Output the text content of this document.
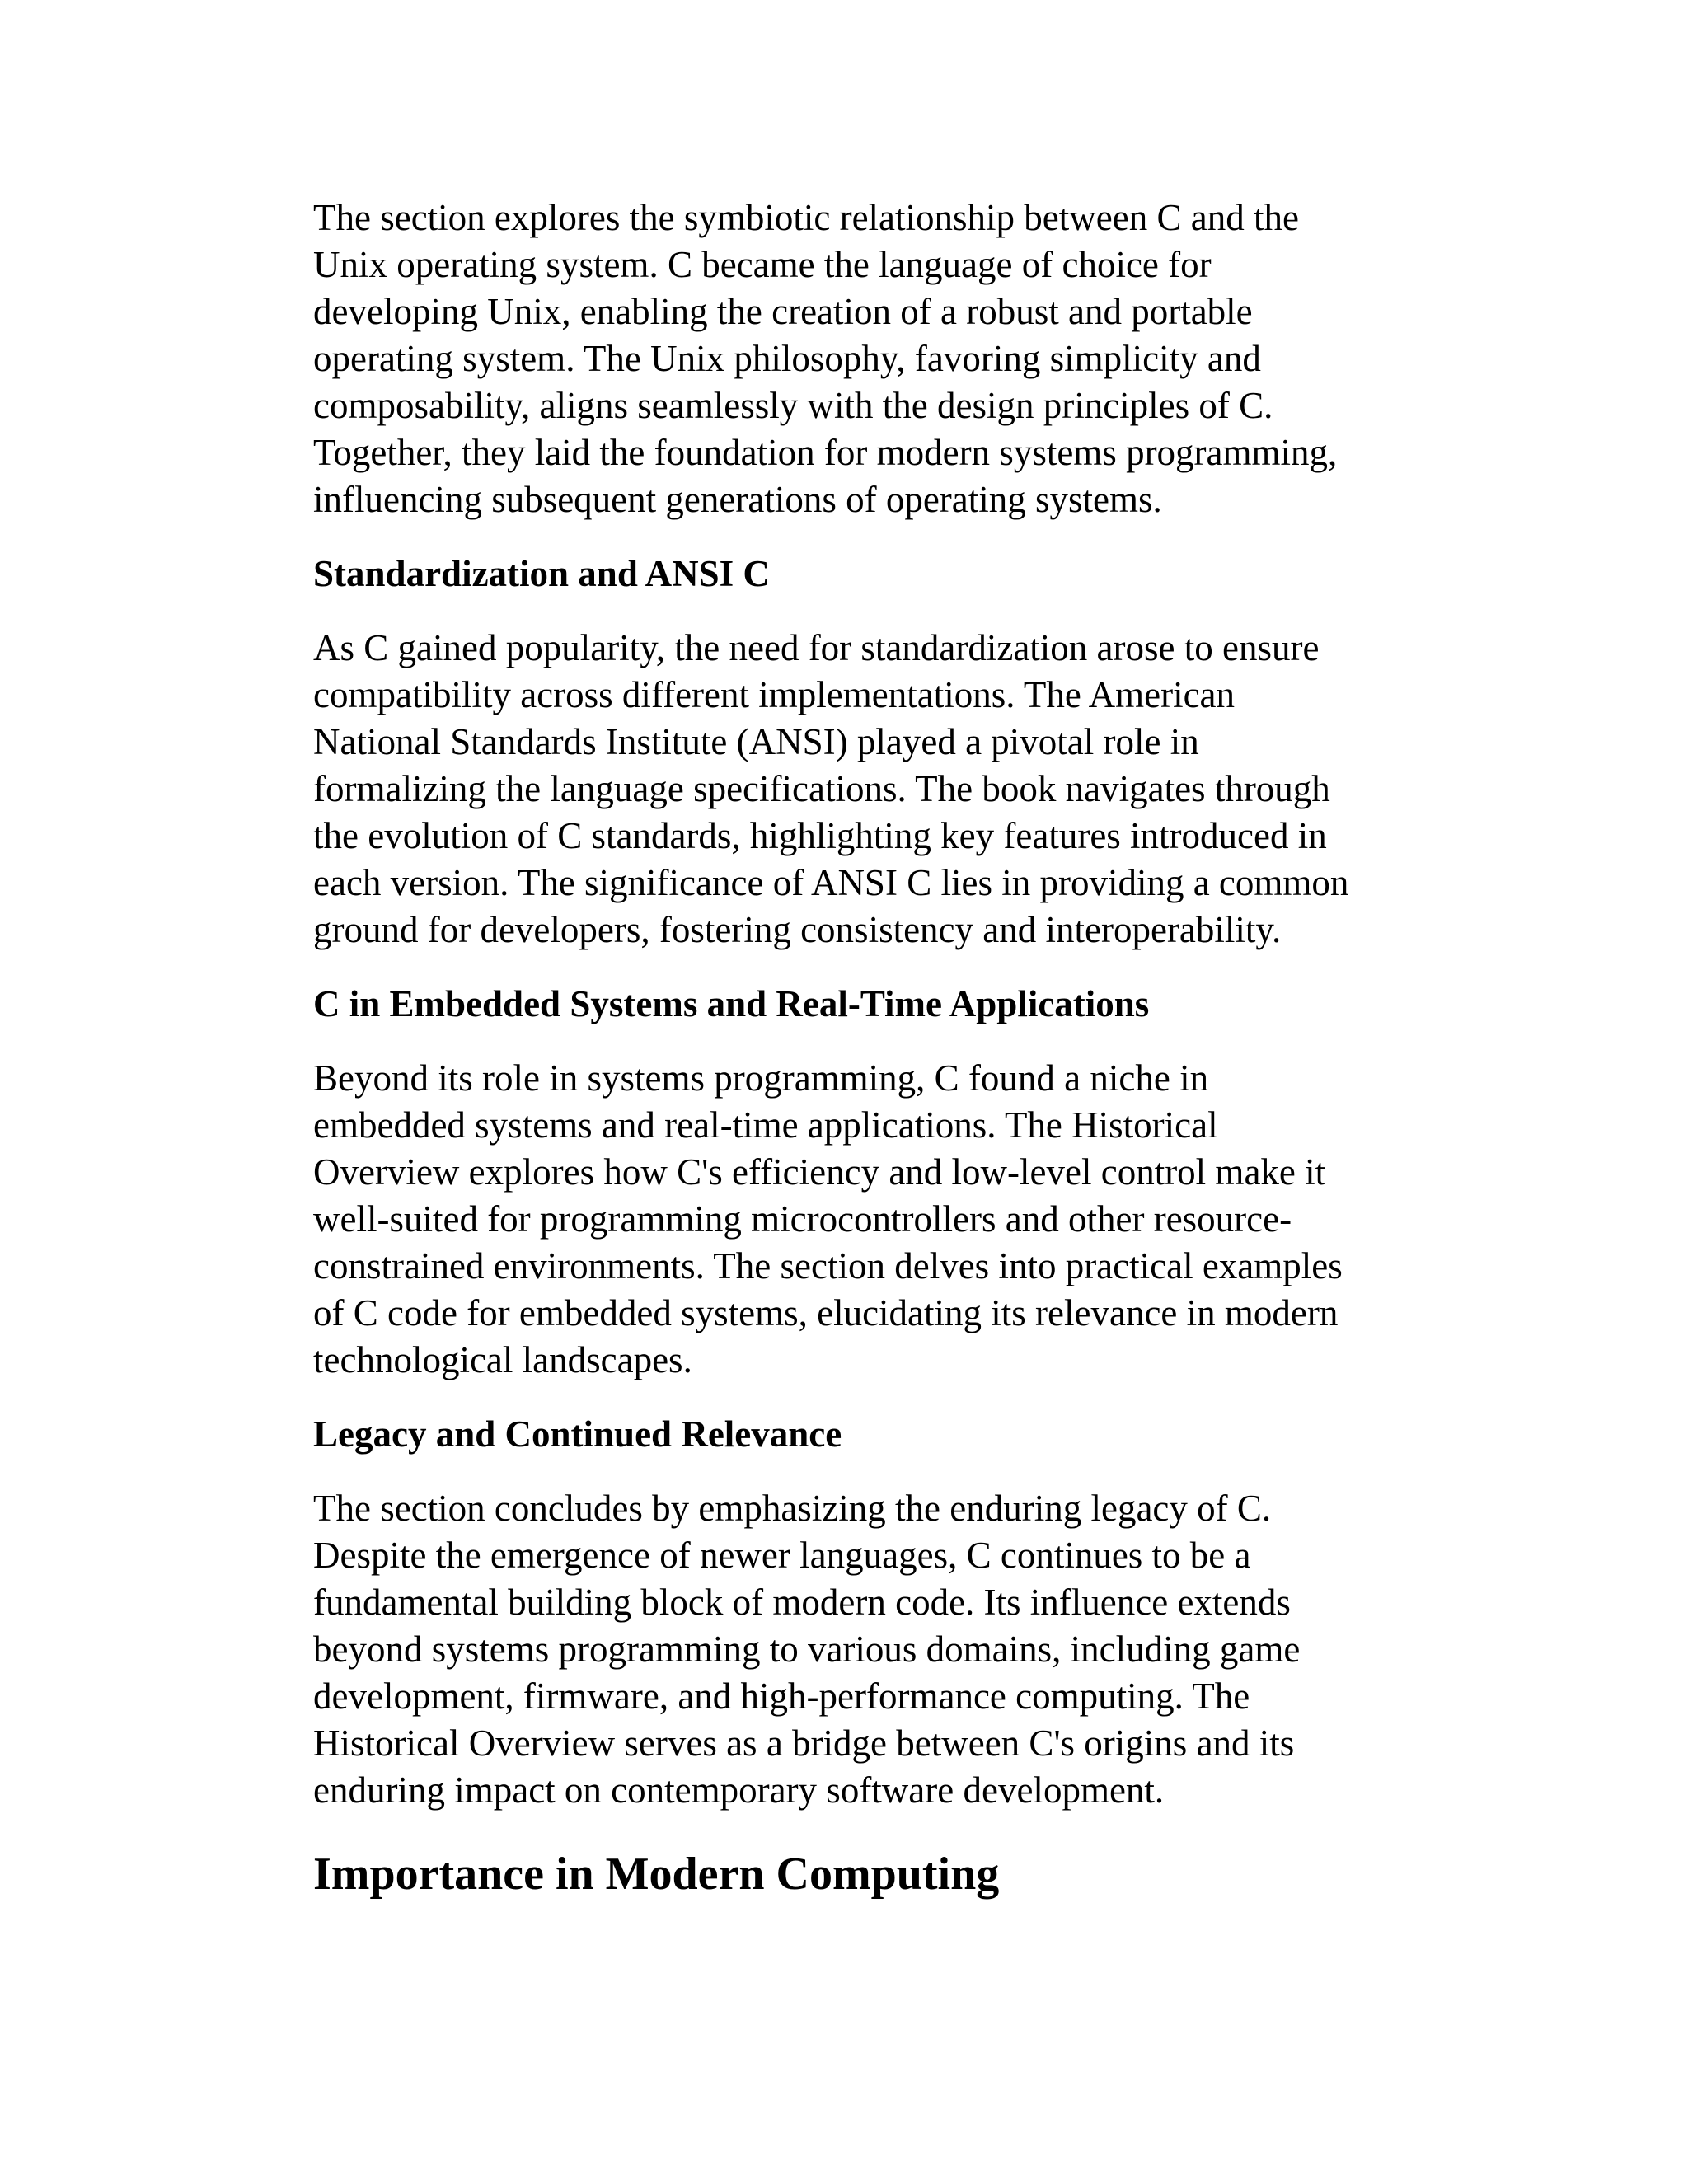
The section explores the symbiotic relationship between C and the
Unix operating system. C became the language of choice for
developing Unix, enabling the creation of a robust and portable
operating system. The Unix philosophy, favoring simplicity and
composability, aligns seamlessly with the design principles of C.
Together, they laid the foundation for modern systems programming,
influencing subsequent generations of operating systems.

Standardization and ANSI C

As C gained popularity, the need for standardization arose to ensure
compatibility across different implementations. The American
National Standards Institute (ANSI) played a pivotal role in
formalizing the language specifications. The book navigates through
the evolution of C standards, highlighting key features introduced in
each version. The significance of ANSI C lies in providing a common
ground for developers, fostering consistency and interoperability.

C in Embedded Systems and Real-Time Applications

Beyond its role in systems programming, C found a niche in
embedded systems and real-time applications. The Historical
Overview explores how C's efficiency and low-level control make it
well-suited for programming microcontrollers and other resource-
constrained environments. The section delves into practical examples
of C code for embedded systems, elucidating its relevance in modern
technological landscapes.

Legacy and Continued Relevance

The section concludes by emphasizing the enduring legacy of C.
Despite the emergence of newer languages, C continues to be a
fundamental building block of modern code. Its influence extends
beyond systems programming to various domains, including game
development, firmware, and high-performance computing. The
Historical Overview serves as a bridge between C's origins and its
enduring impact on contemporary software development.

Importance in Modern Computing
